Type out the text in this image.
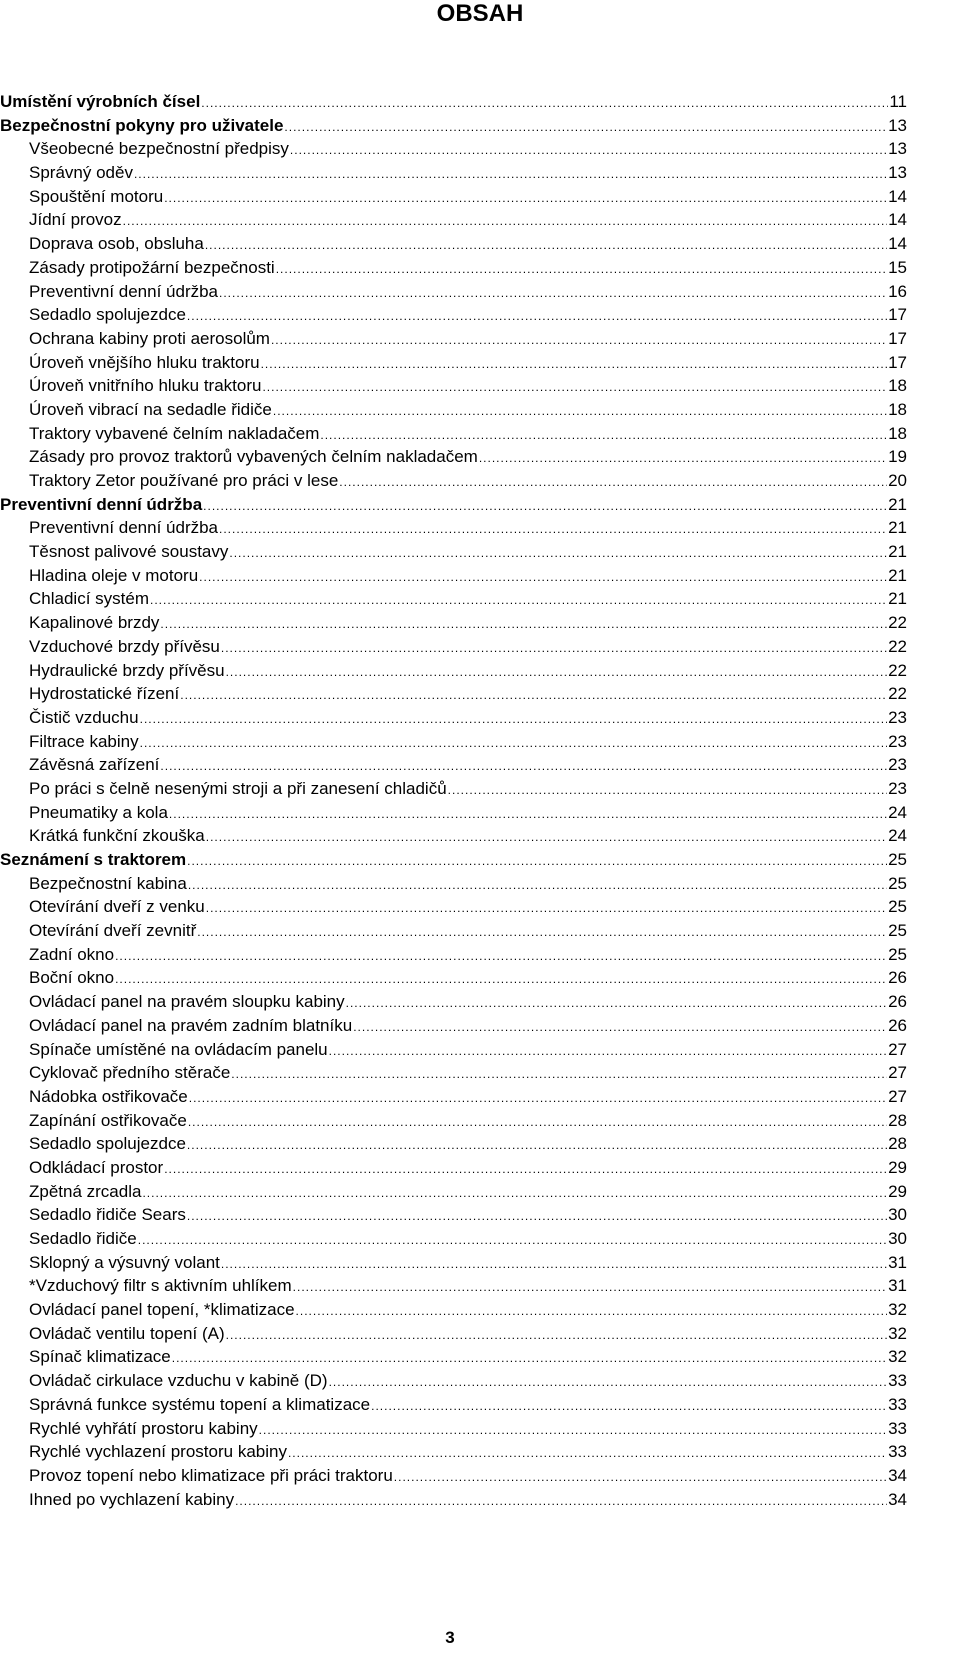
OBSAH
Umístění výrobních čísel .....	11
Bezpečnostní pokyny pro uživatele .....	13
Všeobecné bezpečnostní předpisy .....	13
Správný oděv .....	13
Spouštění motoru .....	14
Jídní provoz .....	14
Doprava osob, obsluha .....	14
Zásady protipožární bezpečnosti .....	15
Preventivní denní údržba .....	16
Sedadlo spolujezdce .....	17
Ochrana kabiny proti aerosolům .....	17
Úroveň vnějšího hluku traktoru .....	17
Úroveň vnitřního hluku traktoru .....	18
Úroveň vibrací na sedadle řidiče .....	18
Traktory vybavené čelním nakladačem .....	18
Zásady pro provoz traktorů vybavených čelním nakladačem .....	19
Traktory Zetor používané pro práci v lese .....	20
Preventivní denní údržba .....	21
Preventivní denní údržba .....	21
Těsnost palivové soustavy .....	21
Hladina oleje v motoru .....	21
Chladicí systém .....	21
Kapalinové brzdy .....	22
Vzduchové brzdy přívěsu .....	22
Hydraulické brzdy přívěsu .....	22
Hydrostatické řízení .....	22
Čistič vzduchu .....	23
Filtrace kabiny .....	23
Závěsná zařízení .....	23
Po práci s čelně nesenými stroji a při zanesení chladičů .....	23
Pneumatiky a kola .....	24
Krátká funkční zkouška .....	24
Seznámení s traktorem .....	25
Bezpečnostní kabina .....	25
Otevírání dveří z venku .....	25
Otevírání dveří zevnitř .....	25
Zadní okno .....	25
Boční okno .....	26
Ovládací panel na pravém sloupku kabiny .....	26
Ovládací panel na pravém zadním blatníku .....	26
Spínače umístěné na ovládacím panelu .....	27
Cyklovač předního stěrače .....	27
Nádobka ostřikovače .....	27
Zapínání ostřikovače .....	28
Sedadlo spolujezdce .....	28
Odkládací prostor .....	29
Zpětná zrcadla .....	29
Sedadlo řidiče Sears .....	30
Sedadlo řidiče .....	30
Sklopný a výsuvný volant .....	31
*Vzduchový filtr s aktivním uhlíkem .....	31
Ovládací panel topení, *klimatizace .....	32
Ovládač ventilu topení (A) .....	32
Spínač klimatizace .....	32
Ovládač cirkulace vzduchu v kabině (D) .....	33
Správná funkce systému topení a klimatizace .....	33
Rychlé vyhřátí prostoru kabiny .....	33
Rychlé vychlazení prostoru kabiny .....	33
Provoz topení nebo klimatizace při práci traktoru .....	34
Ihned po vychlazení kabiny .....	34
3
